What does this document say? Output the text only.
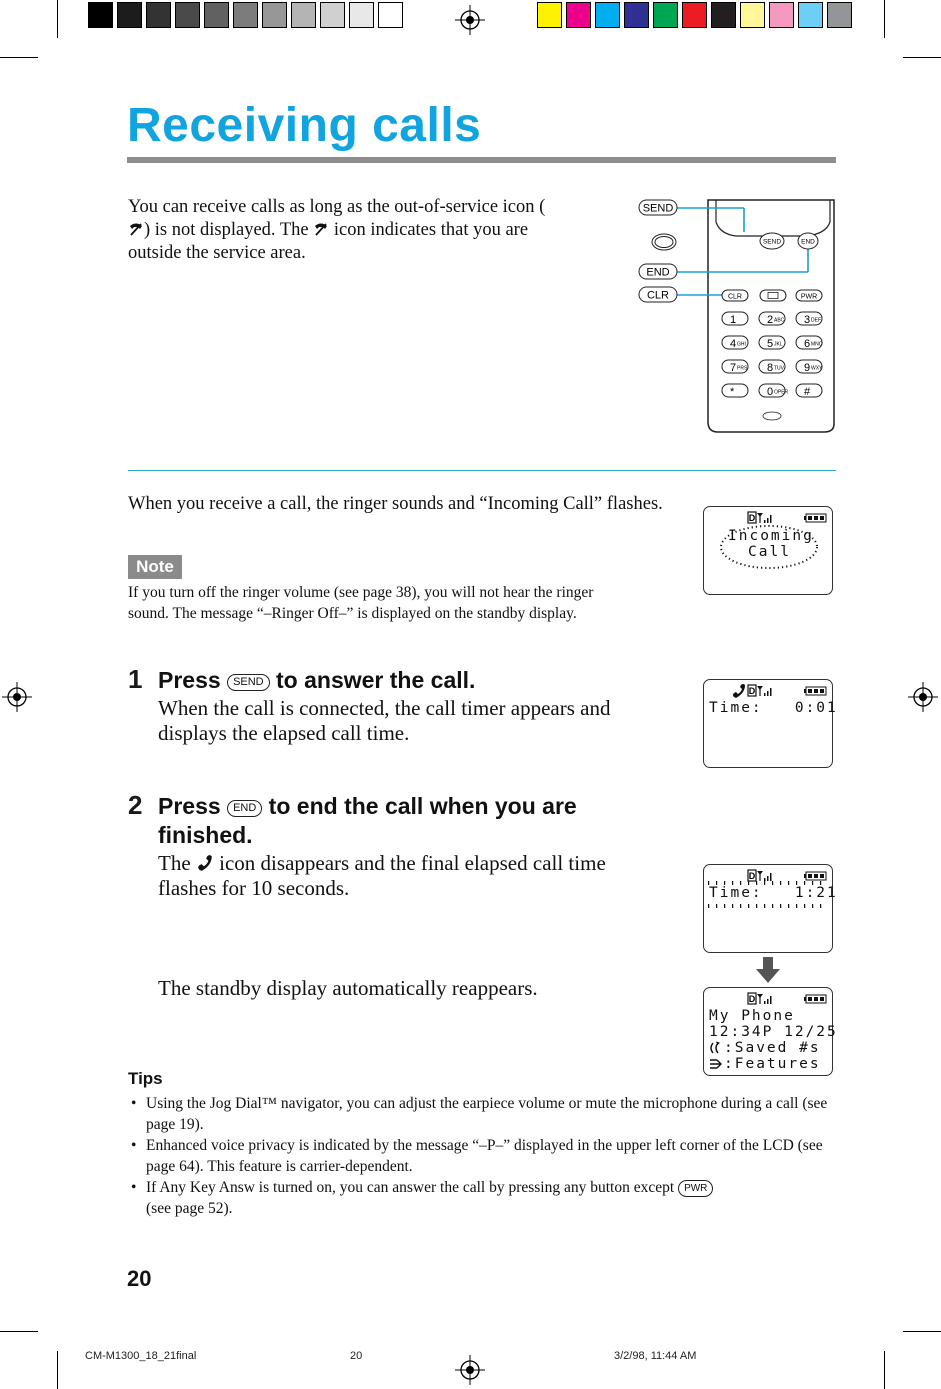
Receiving calls
You can receive calls as long as the out-of-service icon () is not displayed. The  icon indicates that you are outside the service area.
SEND
END
CLR
SEND	END
CLR	PWR
1	2 ABC 3 DEF
4 GHI 5 JKL 6 MNO
7 PRS 8 TUV 9 WXY
*	0 OPER #
When you receive a call, the ringer sounds and “Incoming Call” flashes.
Note
If you turn off the ringer volume (see page 38), you will not hear the ringer sound. The message “–Ringer Off–” is displayed on the standby display.
1 Press SEND to answer the call.
When the call is connected, the call timer appears and displays the elapsed call time.
2 Press END to end the call when you are finished.
The  icon disappears and the final elapsed call time flashes for 10 seconds.
The standby display automatically reappears.
D
Incoming
Call
D
Time:   0:01
D
Time:   1:21
D
My Phone
12:34P 12/25
:Saved #s
:Features
Tips
• Using the Jog Dial™ navigator, you can adjust the earpiece volume or mute the microphone during a call (see page 19).
• Enhanced voice privacy is indicated by the message “–P–” displayed in the upper left corner of the LCD (see page 64). This feature is carrier-dependent.
• If Any Key Answ is turned on, you can answer the call by pressing any button except PWR
(see page 52).
20
CM-M1300_18_21final	20	3/2/98, 11:44 AM
